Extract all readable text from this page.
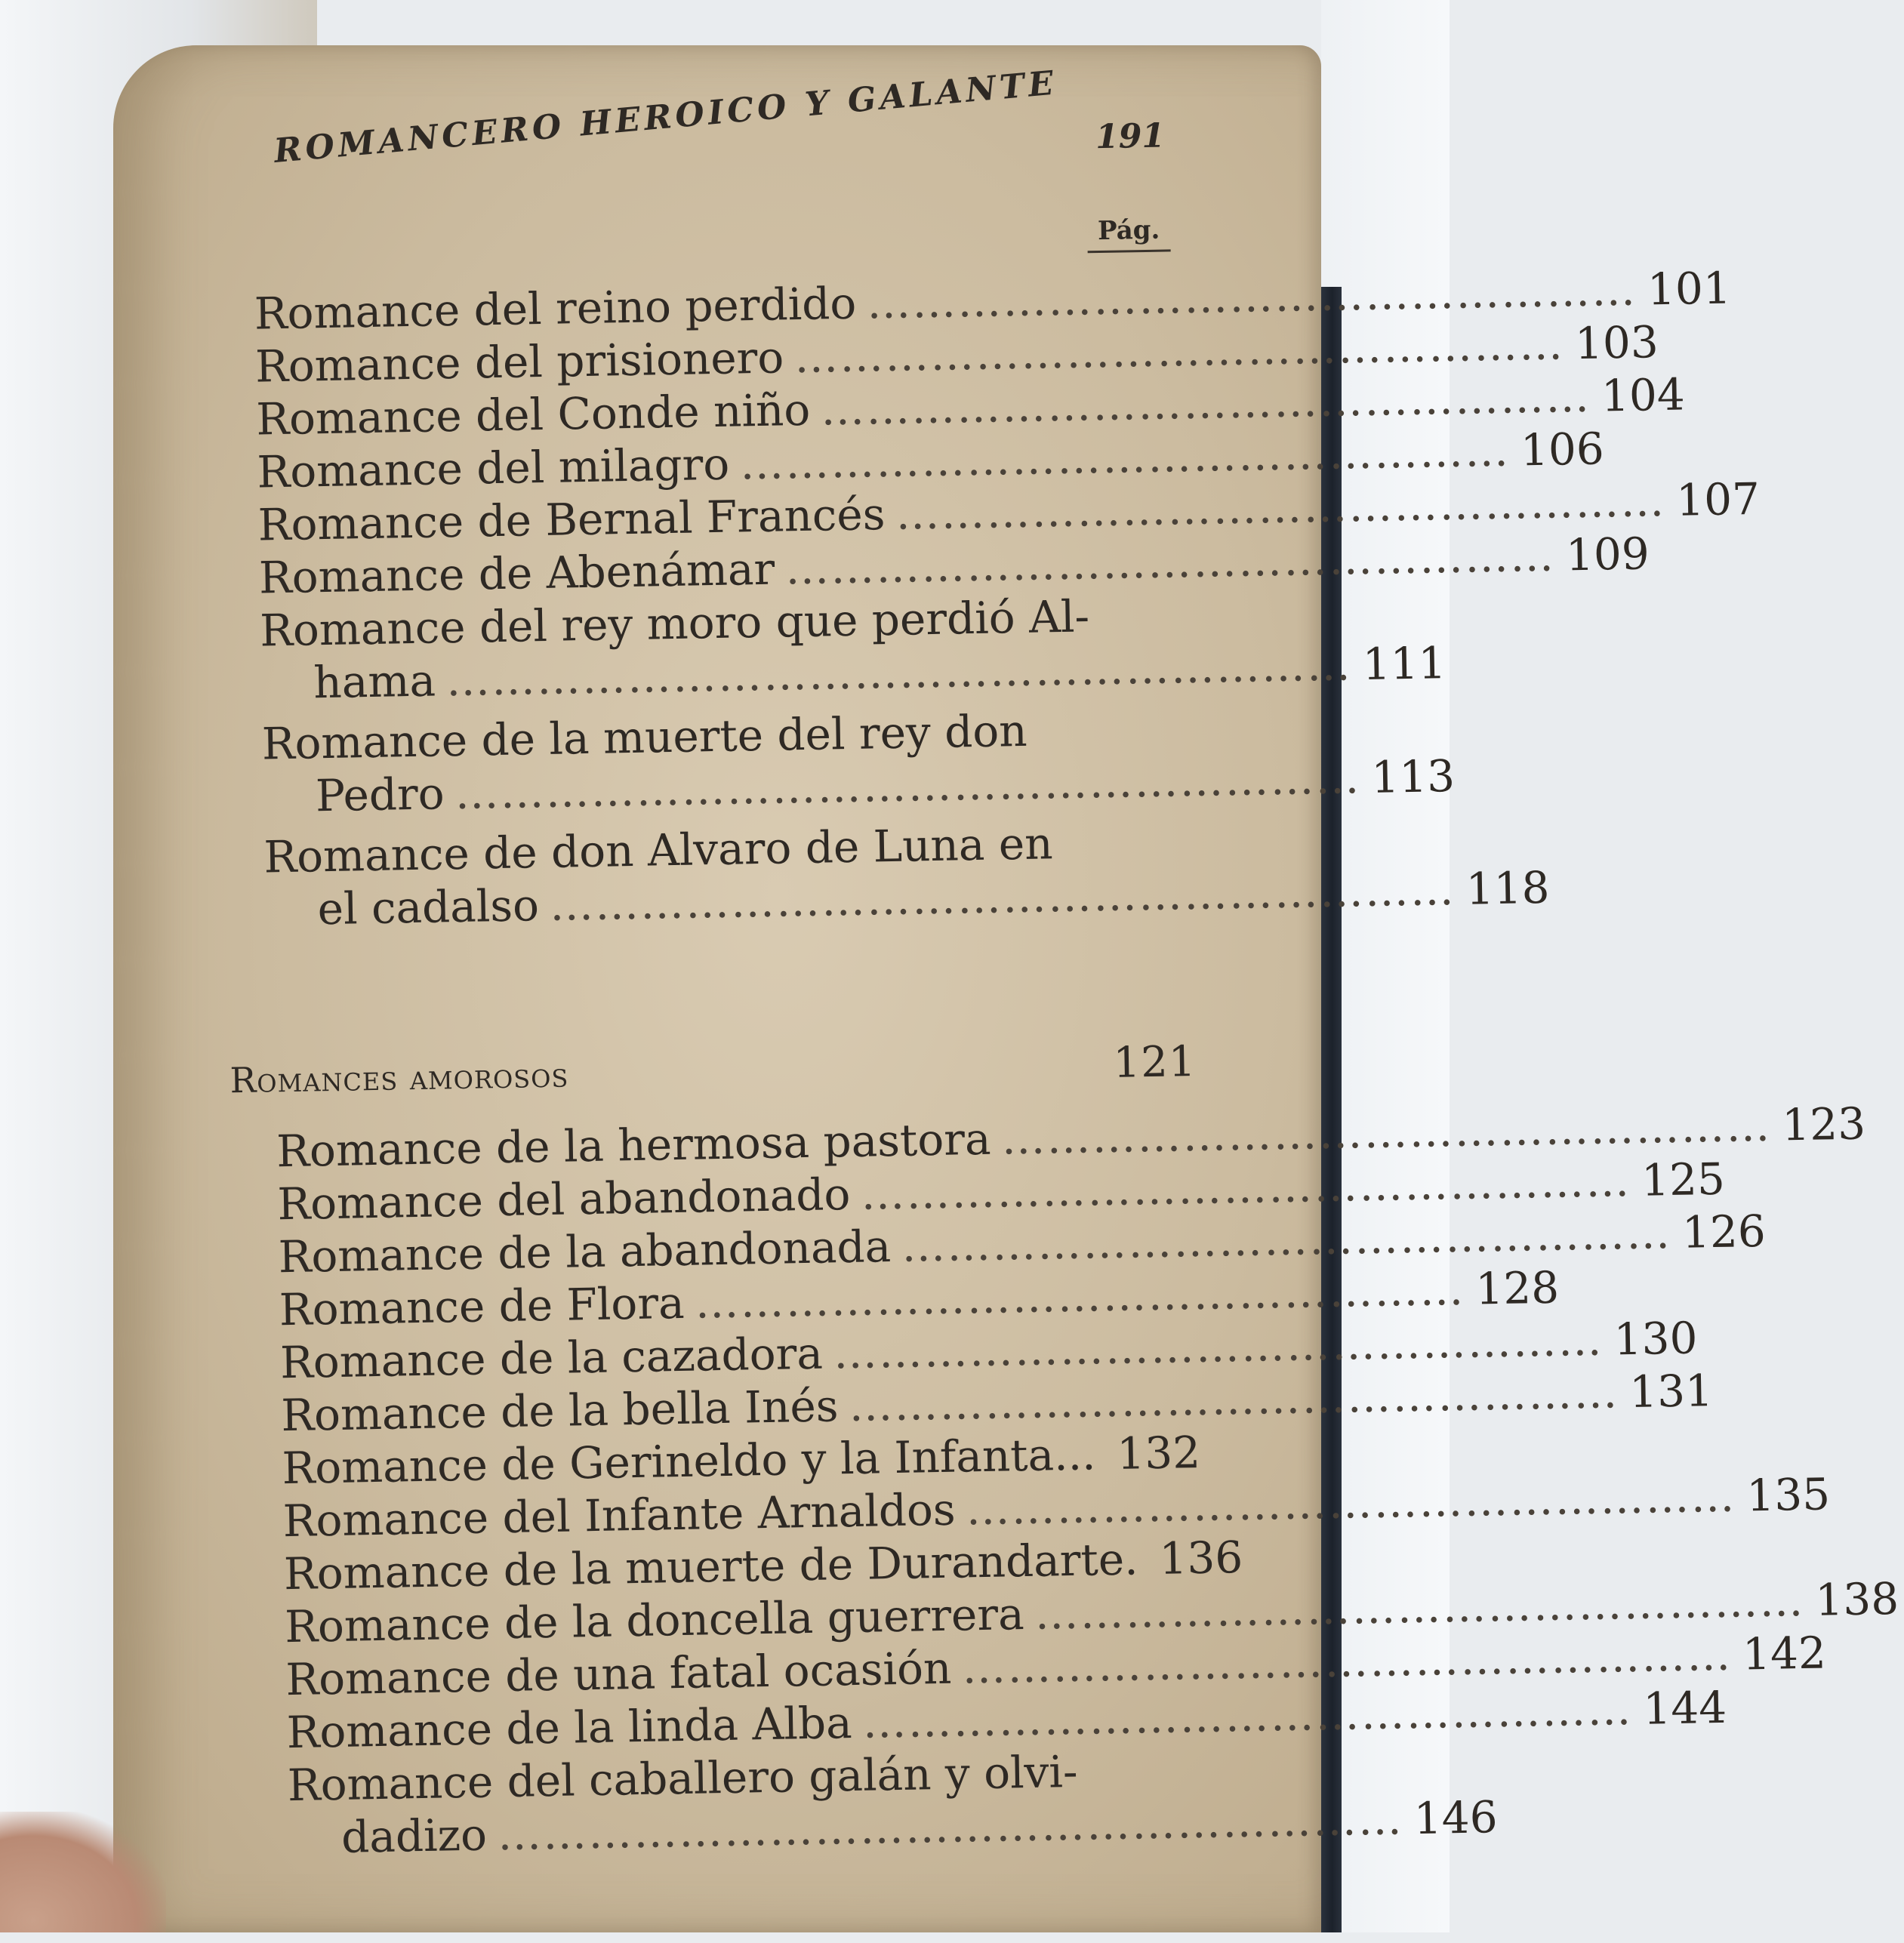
ROMANCERO HEROICO Y GALANTE 191
Pág.
Romance del reino perdido …………………………………………… 101
Romance del prisionero …………………………………………… 103
Romance del Conde niño …………………………………………… 104
Romance del milagro …………………………………………… 106
Romance de Bernal Francés …………………………………………… 107
Romance de Abenámar …………………………………………… 109
Romance del rey moro que perdió Al-
hama …………………………………………………… 111
Romance de la muerte del rey don
Pedro …………………………………………………… 113
Romance de don Alvaro de Luna en
el cadalso …………………………………………………… 118
Romances amorosos	121
Romance de la hermosa pastora …………………………………………… 123
Romance del abandonado …………………………………………… 125
Romance de la abandonada …………………………………………… 126
Romance de Flora …………………………………………… 128
Romance de la cazadora …………………………………………… 130
Romance de la bella Inés …………………………………………… 131
Romance de Gerineldo y la Infanta... 132
Romance del Infante Arnaldos …………………………………………… 135
Romance de la muerte de Durandarte. 136
Romance de la doncella guerrera …………………………………………… 138
Romance de una fatal ocasión …………………………………………… 142
Romance de la linda Alba …………………………………………… 144
Romance del caballero galán y olvi-
dadizo …………………………………………………… 146
